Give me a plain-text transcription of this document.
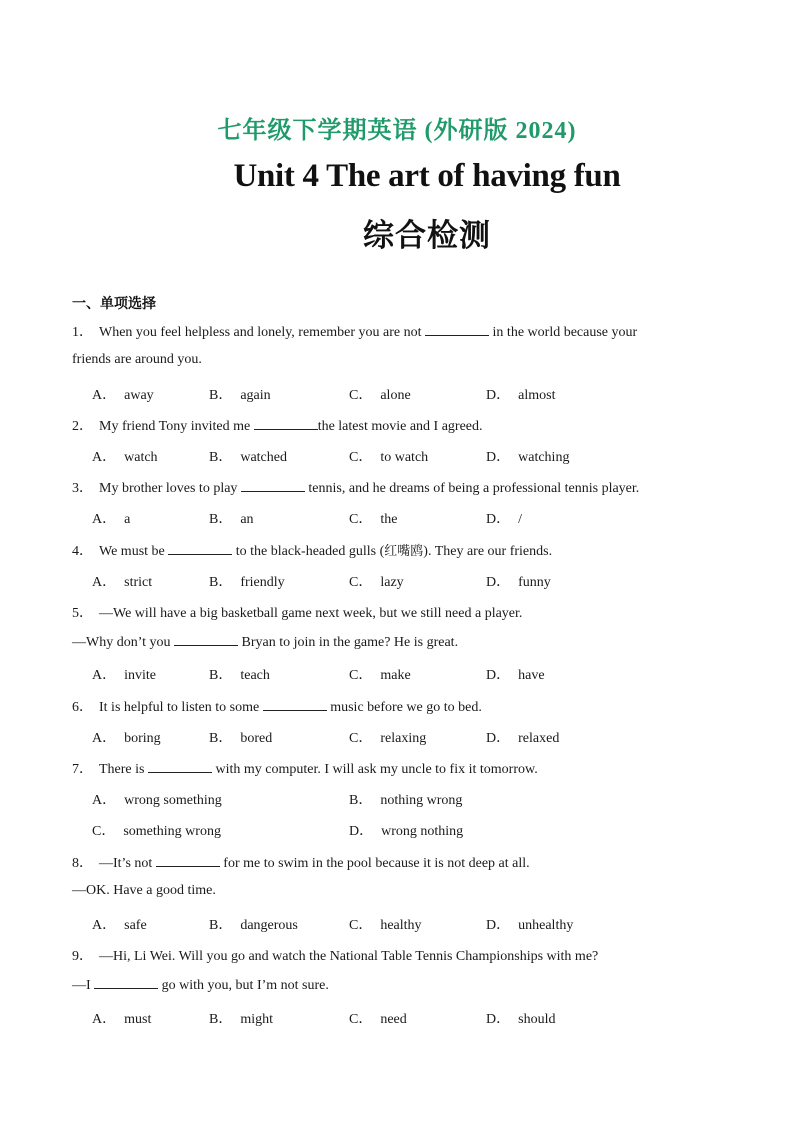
七年级下学期英语 (外研版 2024)
Unit 4 The art of having fun
综合检测
一、单项选择
1． When you feel helpless and lonely, remember you are not	in the world because your
friends are around you.
A． away	B． again	C． alone	D． almost
2． My friend Tony invited me	the latest movie and I agreed.
A． watch	B． watched	C． to watch	D． watching
3． My brother loves to play	tennis, and he dreams of being a professional tennis player.
A． a	B． an	C． the	D． /
4． We must be	to the black-headed gulls (红嘴鸥). They are our friends.
A． strict	B． friendly	C． lazy	D． funny
5． —We will have a big basketball game next week, but we still need a player.
—Why don’t you	Bryan to join in the game? He is great.
A． invite	B． teach	C． make	D． have
6． It is helpful to listen to some	music before we go to bed.
A． boring	B． bored	C． relaxing	D． relaxed
7． There is	with my computer. I will ask my uncle to fix it tomorrow.
A． wrong something	B． nothing wrong
C． something wrong	D． wrong nothing
8． —It’s not	for me to swim in the pool because it is not deep at all.
—OK. Have a good time.
A． safe	B． dangerous	C． healthy	D． unhealthy
9． —Hi, Li Wei. Will you go and watch the National Table Tennis Championships with me?
—I	go with you, but I’m not sure.
A． must	B． might	C． need	D． should
